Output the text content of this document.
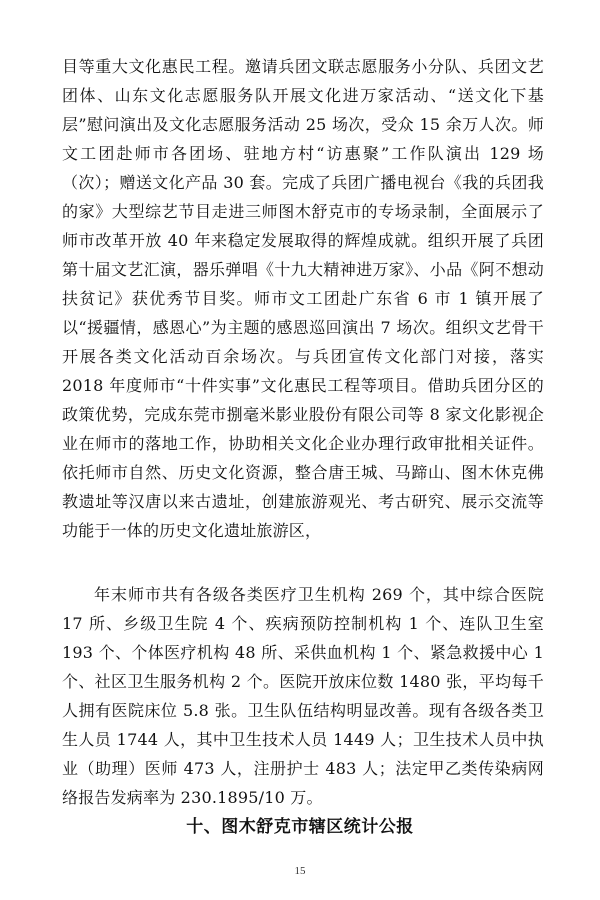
目等重大文化惠民工程。邀请兵团文联志愿服务小分队、兵团文艺团体、山东文化志愿服务队开展文化进万家活动、“送文化下基层”慰问演出及文化志愿服务活动 25 场次，受众 15 余万人次。师文工团赴师市各团场、驻地方村“访惠聚”工作队演出 129 场（次）；赠送文化产品 30 套。完成了兵团广播电视台《我的兵团我的家》大型综艺节目走进三师图木舒克市的专场录制，全面展示了师市改革开放 40 年来稳定发展取得的辉煌成就。组织开展了兵团第十届文艺汇演，器乐弹唱《十九大精神进万家》、小品《阿不想动扶贫记》获优秀节目奖。师市文工团赴广东省 6 市 1 镇开展了以“援疆情，感恩心”为主题的感恩巡回演出 7 场次。组织文艺骨干开展各类文化活动百余场次。与兵团宣传文化部门对接，落实 2018 年度师市“十件实事”文化惠民工程等项目。借助兵团分区的政策优势，完成东莞市捌毫米影业股份有限公司等 8 家文化影视企业在师市的落地工作，协助相关文化企业办理行政审批相关证件。依托师市自然、历史文化资源，整合唐王城、马蹄山、图木休克佛教遗址等汉唐以来古遗址，创建旅游观光、考古研究、展示交流等功能于一体的历史文化遗址旅游区，

年末师市共有各级各类医疗卫生机构 269 个，其中综合医院 17 所、乡级卫生院 4 个、疾病预防控制机构 1 个、连队卫生室 193 个、个体医疗机构 48 所、采供血机构 1 个、紧急救援中心 1 个、社区卫生服务机构 2 个。医院开放床位数 1480 张，平均每千人拥有医院床位 5.8 张。卫生队伍结构明显改善。现有各级各类卫生人员 1744 人，其中卫生技术人员 1449 人；卫生技术人员中执业（助理）医师 473 人，注册护士 483 人；法定甲乙类传染病网络报告发病率为 230.1895/10 万。

十、图木舒克市辖区统计公报
15
